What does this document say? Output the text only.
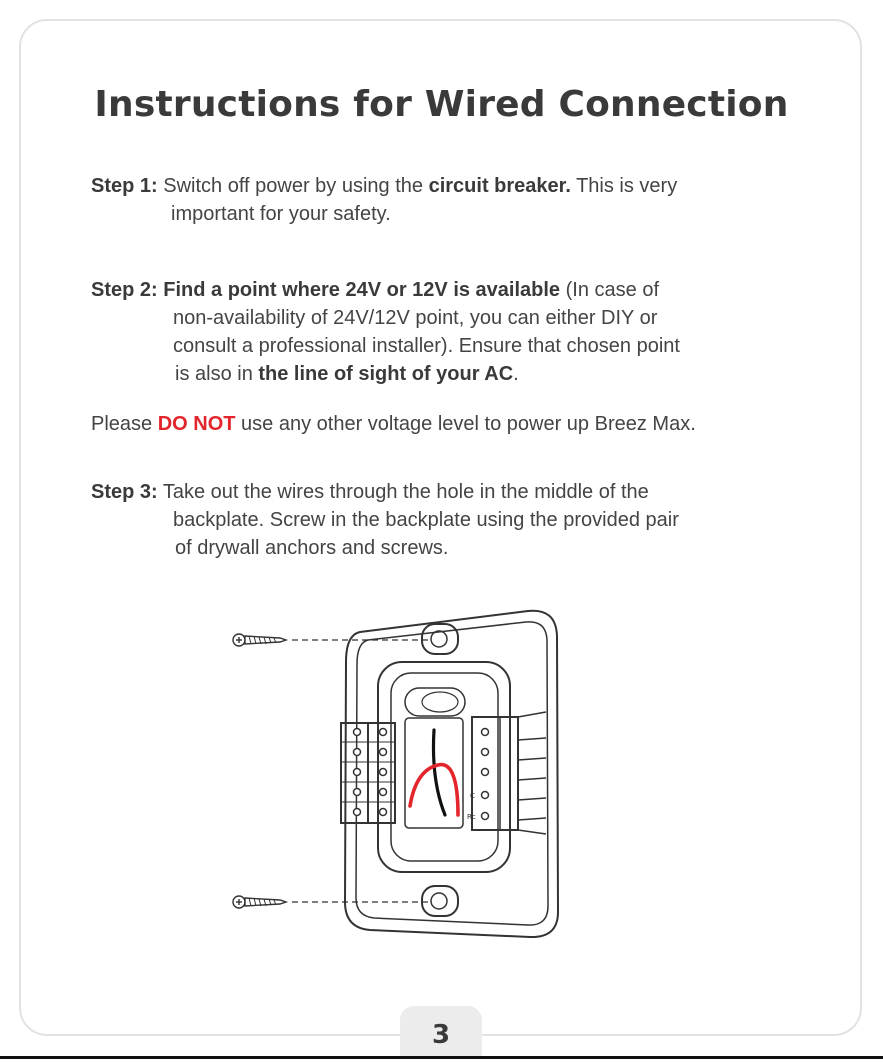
Instructions for Wired Connection
Step 1: Switch off power by using the circuit breaker. This is very
important for your safety.
Step 2: Find a point where 24V or 12V is available (In case of
non-availability of 24V/12V point, you can either DIY or
consult a professional installer). Ensure that chosen point
is also in the line of sight of your AC.
Please DO NOT use any other voltage level to power up Breez Max.
Step 3: Take out the wires through the hole in the middle of the
backplate. Screw in the backplate using the provided pair
of drywall anchors and screws.
C
Rc
3
